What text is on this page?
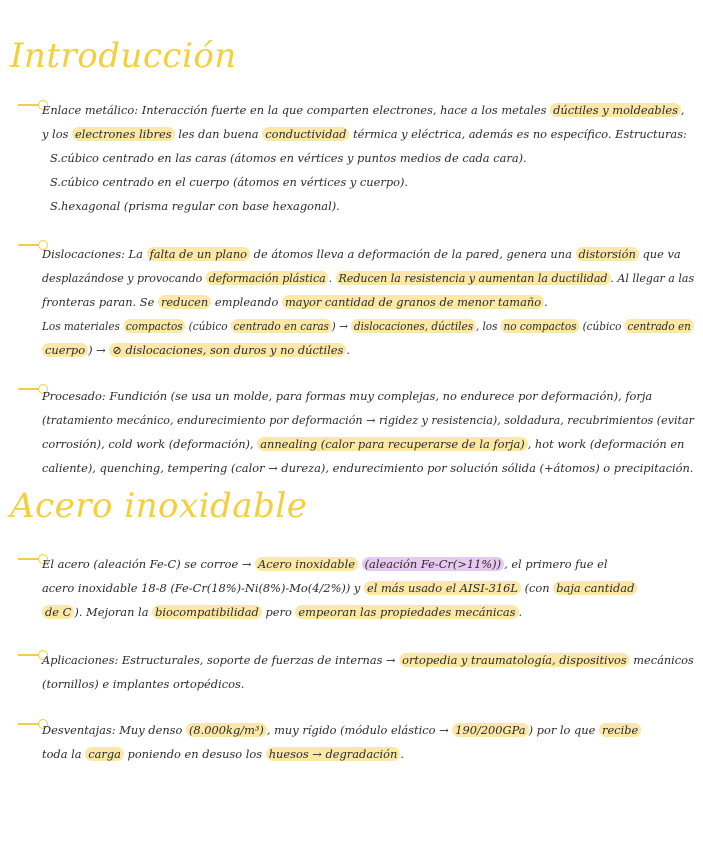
Introducción
Enlace metálico: Interacción fuerte en la que comparten electrones, hace a los metales dúctiles y moldeables ,
y los electrones libres les dan buena conductividad térmica y eléctrica, además es no específico. Estructuras:
S.cúbico centrado en las caras (átomos en vértices y puntos medios de cada cara).
S.cúbico centrado en el cuerpo (átomos en vértices y cuerpo).
S.hexagonal (prisma regular con base hexagonal).
Dislocaciones: La falta de un plano de átomos lleva a deformación de la pared, genera una distorsión que va
desplazándose y provocando deformación plástica . Reducen la resistencia y aumentan la ductilidad . Al llegar a las
fronteras paran. Se reducen empleando mayor cantidad de granos de menor tamaño .
Los materiales compactos (cúbico centrado en caras ) → dislocaciones, dúctiles , los no compactos (cúbico centrado en
cuerpo ) → ⊘ dislocaciones, son duros y no dúctiles .
Procesado: Fundición (se usa un molde, para formas muy complejas, no endurece por deformación), forja
(tratamiento mecánico, endurecimiento por deformación → rigidez y resistencia), soldadura, recubrimientos (evitar
corrosión), cold work (deformación), annealing (calor para recuperarse de la forja) , hot work (deformación en
caliente), quenching, tempering (calor → dureza), endurecimiento por solución sólida (+átomos) o precipitación.
Acero inoxidable
El acero (aleación Fe-C) se corroe → Acero inoxidable (aleación Fe-Cr(>11%)) , el primero fue el
acero inoxidable 18-8 (Fe-Cr(18%)-Ni(8%)-Mo(4/2%)) y el más usado el AISI-316L (con baja cantidad
de C ). Mejoran la biocompatibilidad pero empeoran las propiedades mecánicas .
Aplicaciones: Estructurales, soporte de fuerzas de internas → ortopedia y traumatología, dispositivos mecánicos
(tornillos) e implantes ortopédicos.
Desventajas: Muy denso (8.000kg/m³) , muy rígido (módulo elástico → 190/200GPa ) por lo que recibe
toda la carga poniendo en desuso los huesos → degradación .
